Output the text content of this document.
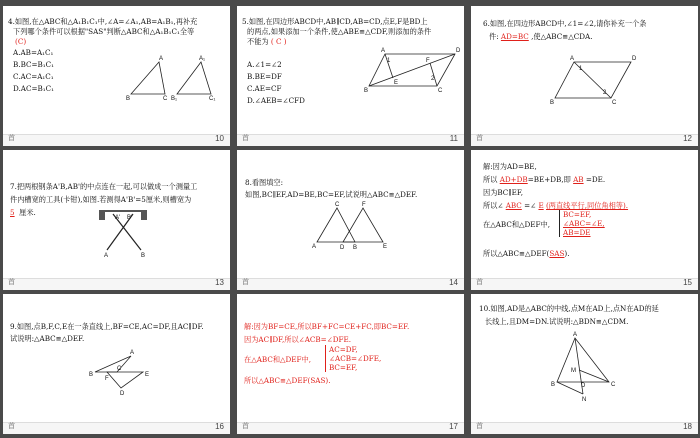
4.如图,在△ABC和△A₁B₁C₁中,∠A=∠A₁,AB=A₁B₁,再补充
下列哪个条件可以根据"SAS"判断△ABC和△A₁B₁C₁全等
(C)
A.AB=A₁C₁
B.BC=B₁C₁
C.AC=A₁C₁
D.AC=B₁C₁
A
B	C
A₁
B₁	C₁
首	10
5.如图,在四边形ABCD中,AB∥CD,AB=CD,点E,F是BD上
的两点,如果添加一个条件,使△ABE≌△CDF,则添加的条件
不能为 ( C )
A.∠1=∠2
B.BE=DF
C.AE=CF
D.∠AEB=∠CFD
A	D
B	C
E
F
1
2
首	11
6.如图,在四边形ABCD中,∠1=∠2,请你补充一个条
件: AD=BC ,使△ABC≌△CDA.
A	D
B	C
1
2
首	12
7.把两根钢条A'B,AB'的中点连在一起,可以做成一个测量工
件内槽宽的工具(卡钳),如图.若测得A'B'=5厘米,则槽宽为
5 厘米.
A' B'
A	B
首	13
8.看图填空:
如图,BC∥EF,AD=BE,BC=EF,试说明△ABC≌△DEF.
C	F
A	D B	E
首	14
解:因为AD=BE,
所以 AD+DB=BE+DB,即 AB =DE.
因为BC∥EF,
所以∠ ABC =∠ E (两直线平行,同位角相等).
在△ABC和△DEF中,
BC=EF,
∠ABC=∠E,
AB=DE
所以△ABC≌△DEF(SAS).
首	15
9.如图,点B,F,C,E在一条直线上,BF=CE,AC=DF,且AC∥DF.
试说明:△ABC≌△DEF.
A
B
F
C
E
D
首	16
解:因为BF=CE,所以BF+FC=CE+FC,即BC=EF.
因为AC∥DF,所以∠ACB=∠DFE.
在△ABC和△DEF中,
AC=DF,
∠ACB=∠DFE,
BC=EF,
所以△ABC≌△DEF(SAS).
首	17
10.如图,AD是△ABC的中线,点M在AD上,点N在AD的延
长线上,且DM=DN.试说明:△BDN≌△CDM.
A
M
B	D	C
N
首	18
